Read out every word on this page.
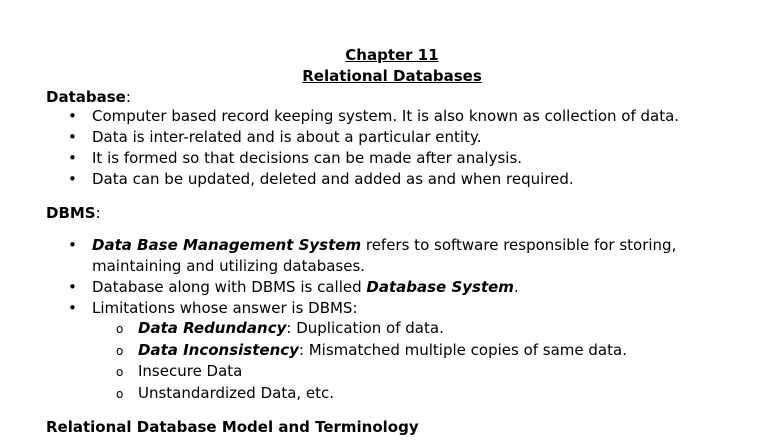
Chapter 11
Relational Databases
Database:
• Computer based record keeping system. It is also known as collection of data.
• Data is inter-related and is about a particular entity.
• It is formed so that decisions can be made after analysis.
• Data can be updated, deleted and added as and when required.
DBMS:
• Data Base Management System refers to software responsible for storing,
maintaining and utilizing databases.
• Database along with DBMS is called Database System.
• Limitations whose answer is DBMS:
o Data Redundancy: Duplication of data.
o Data Inconsistency: Mismatched multiple copies of same data.
o Insecure Data
o Unstandardized Data, etc.
Relational Database Model and Terminology
